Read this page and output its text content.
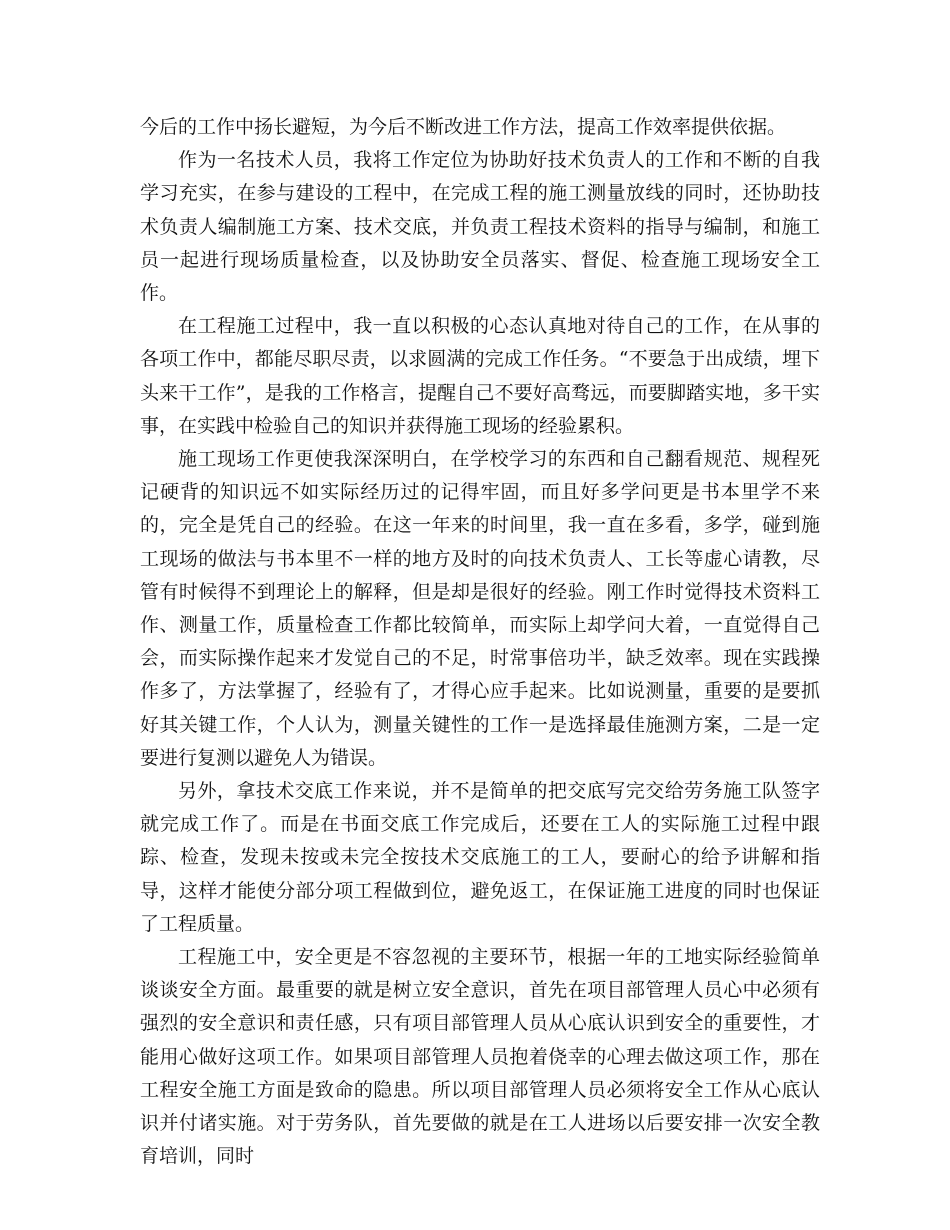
今后的工作中扬长避短，为今后不断改进工作方法，提高工作效率提供依据。

作为一名技术人员，我将工作定位为协助好技术负责人的工作和不断的自我学习充实，在参与建设的工程中，在完成工程的施工测量放线的同时，还协助技术负责人编制施工方案、技术交底，并负责工程技术资料的指导与编制，和施工员一起进行现场质量检查，以及协助安全员落实、督促、检查施工现场安全工作。

在工程施工过程中，我一直以积极的心态认真地对待自己的工作，在从事的各项工作中，都能尽职尽责，以求圆满的完成工作任务。“不要急于出成绩，埋下头来干工作”，是我的工作格言，提醒自己不要好高骛远，而要脚踏实地，多干实事，在实践中检验自己的知识并获得施工现场的经验累积。

施工现场工作更使我深深明白，在学校学习的东西和自己翻看规范、规程死记硬背的知识远不如实际经历过的记得牢固，而且好多学问更是书本里学不来的，完全是凭自己的经验。在这一年来的时间里，我一直在多看，多学，碰到施工现场的做法与书本里不一样的地方及时的向技术负责人、工长等虚心请教，尽管有时候得不到理论上的解释，但是却是很好的经验。刚工作时觉得技术资料工作、测量工作，质量检查工作都比较简单，而实际上却学问大着，一直觉得自己会，而实际操作起来才发觉自己的不足，时常事倍功半，缺乏效率。现在实践操作多了，方法掌握了，经验有了，才得心应手起来。比如说测量，重要的是要抓好其关键工作，个人认为，测量关键性的工作一是选择最佳施测方案，二是一定要进行复测以避免人为错误。

另外，拿技术交底工作来说，并不是简单的把交底写完交给劳务施工队签字就完成工作了。而是在书面交底工作完成后，还要在工人的实际施工过程中跟踪、检查，发现未按或未完全按技术交底施工的工人，要耐心的给予讲解和指导，这样才能使分部分项工程做到位，避免返工，在保证施工进度的同时也保证了工程质量。

工程施工中，安全更是不容忽视的主要环节，根据一年的工地实际经验简单谈谈安全方面。最重要的就是树立安全意识，首先在项目部管理人员心中必须有强烈的安全意识和责任感，只有项目部管理人员从心底认识到安全的重要性，才能用心做好这项工作。如果项目部管理人员抱着侥幸的心理去做这项工作，那在工程安全施工方面是致命的隐患。所以项目部管理人员必须将安全工作从心底认识并付诸实施。对于劳务队，首先要做的就是在工人进场以后要安排一次安全教育培训，同时
